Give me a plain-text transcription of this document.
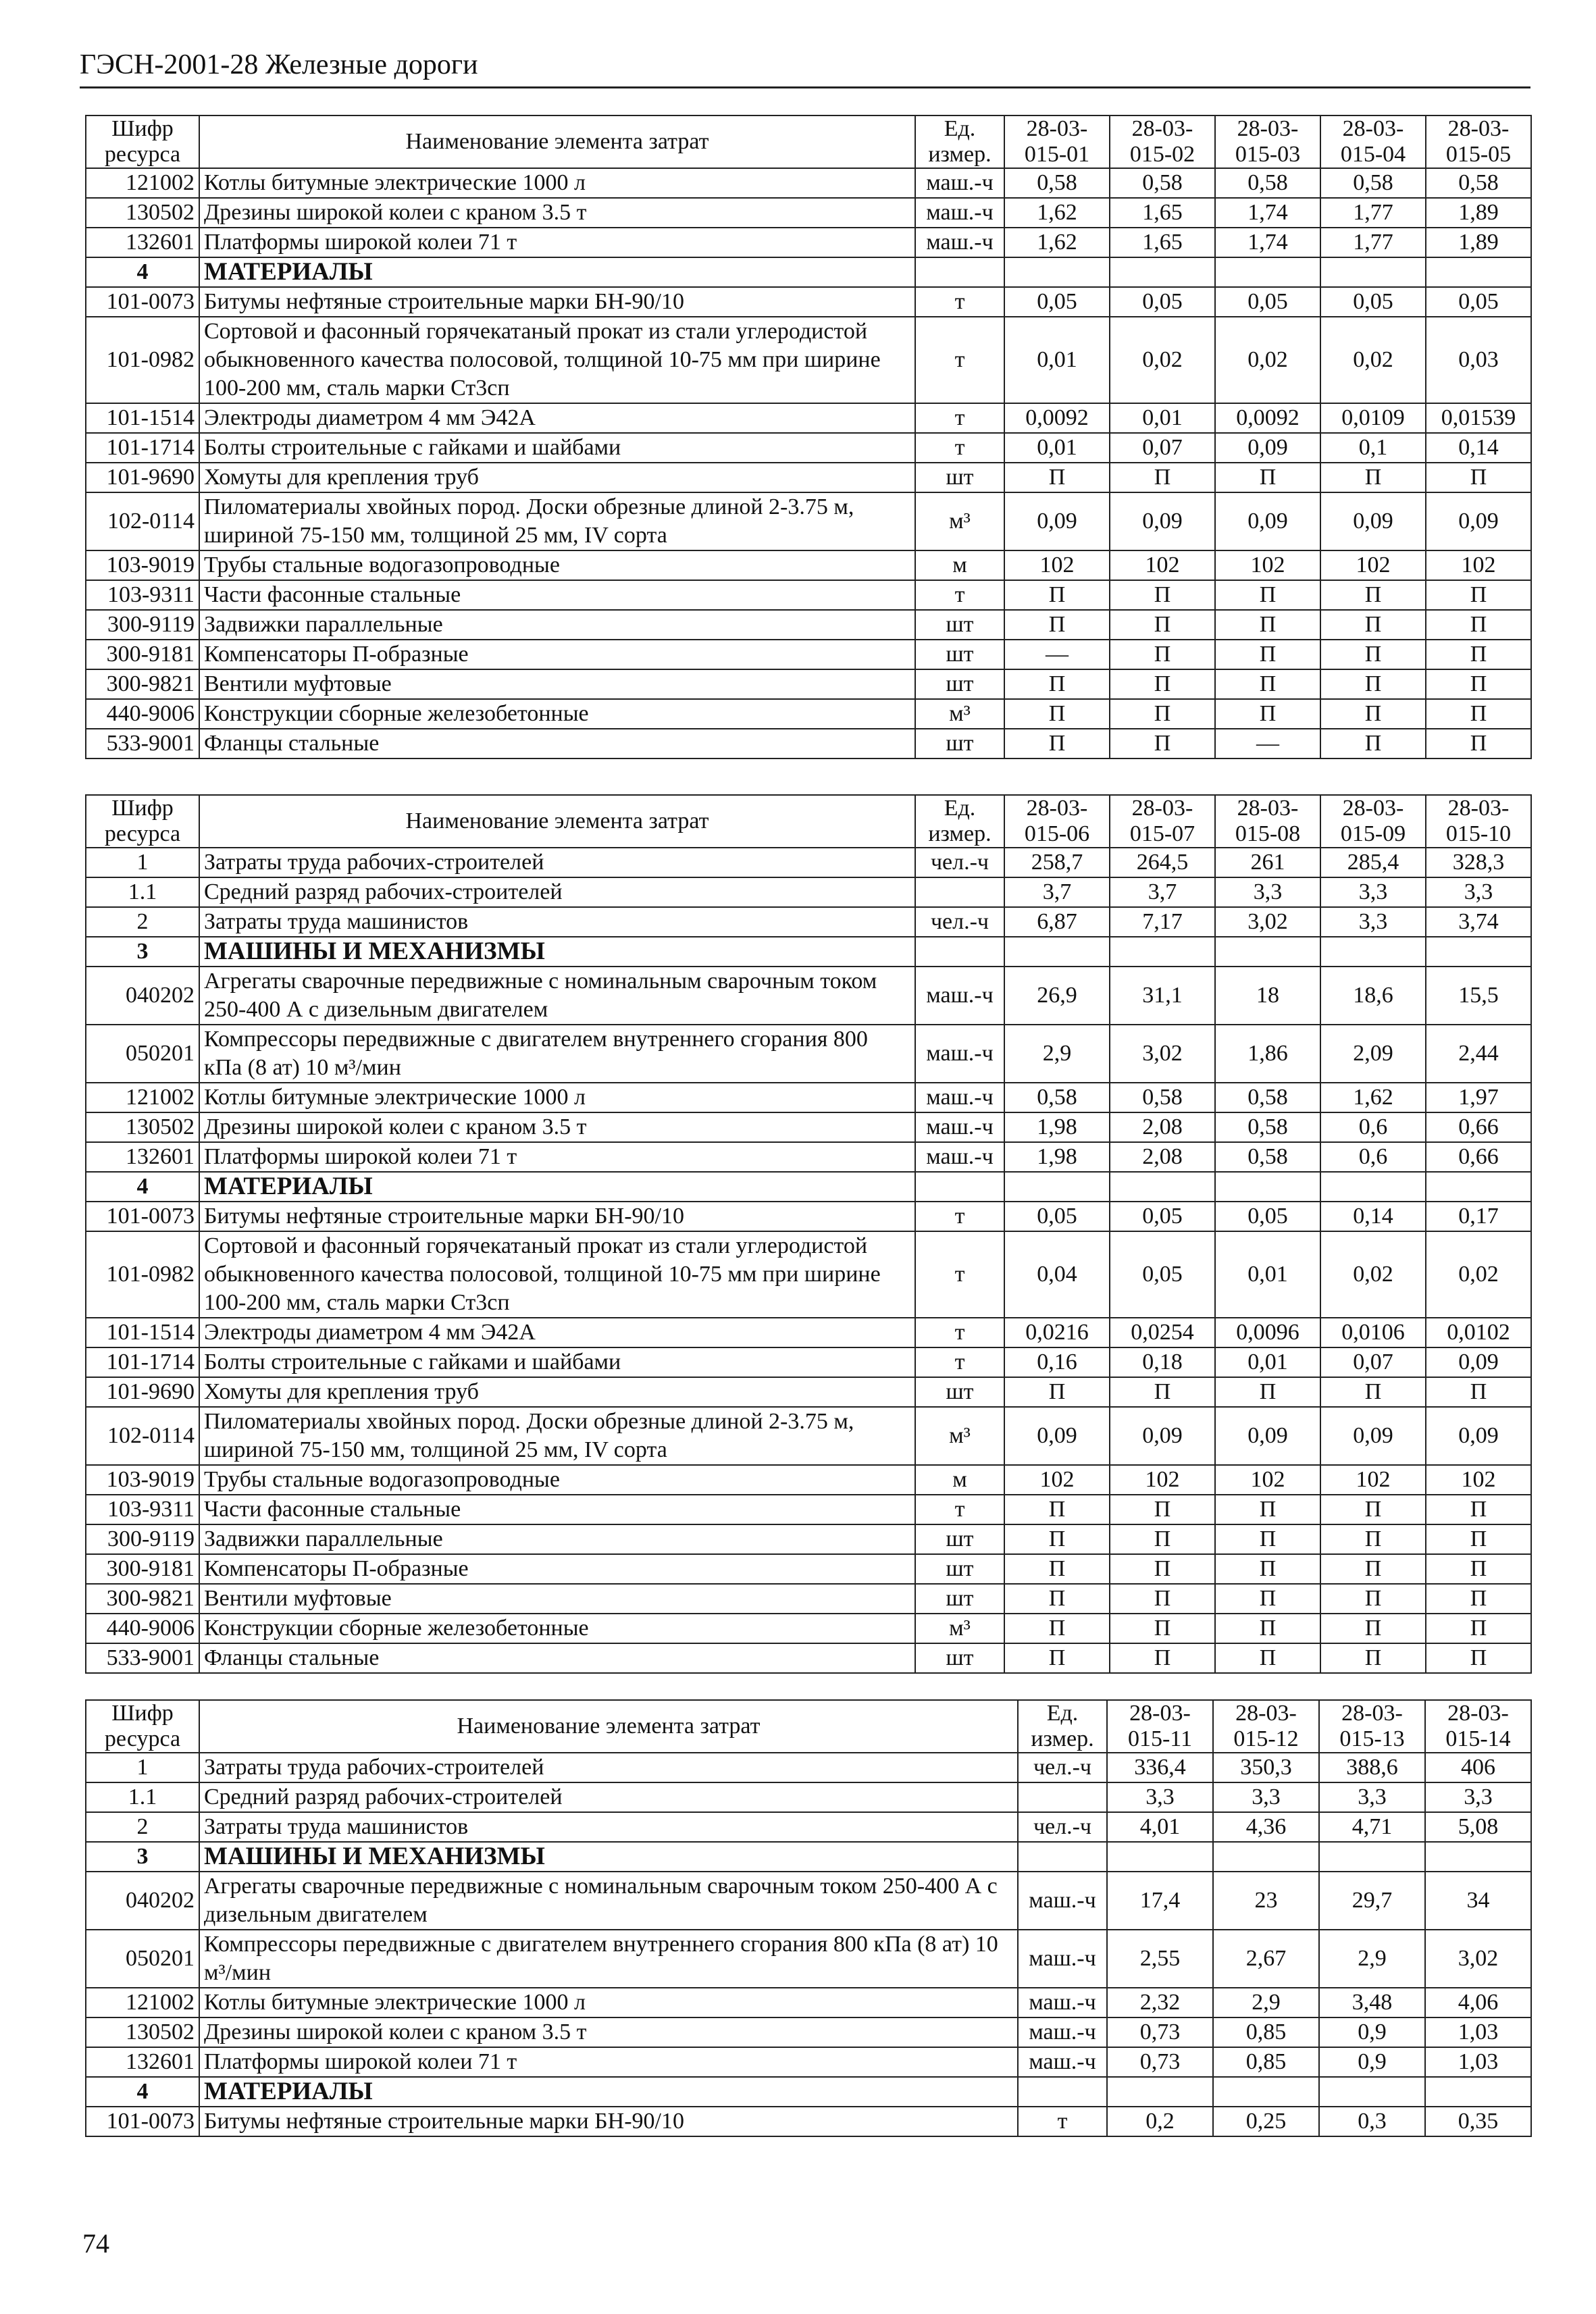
ГЭСН-2001-28 Железные дороги
Шифр ресурса	Наименование элемента затрат	Ед. измер.	28-03-015-01	28-03-015-02	28-03-015-03	28-03-015-04	28-03-015-05
121002	Котлы битумные электрические 1000 л	маш.-ч	0,58	0,58	0,58	0,58	0,58
130502	Дрезины широкой колеи с краном 3.5 т	маш.-ч	1,62	1,65	1,74	1,77	1,89
132601	Платформы широкой колеи 71 т	маш.-ч	1,62	1,65	1,74	1,77	1,89
4	МАТЕРИАЛЫ						
101-0073	Битумы нефтяные строительные марки БН-90/10	т	0,05	0,05	0,05	0,05	0,05
101-0982	Сортовой и фасонный горячекатаный прокат из стали углеродистой обыкновенного качества полосовой, толщиной 10-75 мм при ширине 100-200 мм, сталь марки Ст3сп	т	0,01	0,02	0,02	0,02	0,03
101-1514	Электроды диаметром 4 мм Э42А	т	0,0092	0,01	0,0092	0,0109	0,01539
101-1714	Болты строительные с гайками и шайбами	т	0,01	0,07	0,09	0,1	0,14
101-9690	Хомуты для крепления труб	шт	П	П	П	П	П
102-0114	Пиломатериалы хвойных пород. Доски обрезные длиной 2-3.75 м, шириной 75-150 мм, толщиной 25 мм, IV сорта	м³	0,09	0,09	0,09	0,09	0,09
103-9019	Трубы стальные водогазопроводные	м	102	102	102	102	102
103-9311	Части фасонные стальные	т	П	П	П	П	П
300-9119	Задвижки параллельные	шт	П	П	П	П	П
300-9181	Компенсаторы П-образные	шт	—	П	П	П	П
300-9821	Вентили муфтовые	шт	П	П	П	П	П
440-9006	Конструкции сборные железобетонные	м³	П	П	П	П	П
533-9001	Фланцы стальные	шт	П	П	—	П	П
Шифр ресурса	Наименование элемента затрат	Ед. измер.	28-03-015-06	28-03-015-07	28-03-015-08	28-03-015-09	28-03-015-10
1	Затраты труда рабочих-строителей	чел.-ч	258,7	264,5	261	285,4	328,3
1.1	Средний разряд рабочих-строителей		3,7	3,7	3,3	3,3	3,3
2	Затраты труда машинистов	чел.-ч	6,87	7,17	3,02	3,3	3,74
3	МАШИНЫ И МЕХАНИЗМЫ						
040202	Агрегаты сварочные передвижные с номинальным сварочным током 250-400 А с дизельным двигателем	маш.-ч	26,9	31,1	18	18,6	15,5
050201	Компрессоры передвижные с двигателем внутреннего сгорания 800 кПа (8 ат) 10 м³/мин	маш.-ч	2,9	3,02	1,86	2,09	2,44
121002	Котлы битумные электрические 1000 л	маш.-ч	0,58	0,58	0,58	1,62	1,97
130502	Дрезины широкой колеи с краном 3.5 т	маш.-ч	1,98	2,08	0,58	0,6	0,66
132601	Платформы широкой колеи 71 т	маш.-ч	1,98	2,08	0,58	0,6	0,66
4	МАТЕРИАЛЫ						
101-0073	Битумы нефтяные строительные марки БН-90/10	т	0,05	0,05	0,05	0,14	0,17
101-0982	Сортовой и фасонный горячекатаный прокат из стали углеродистой обыкновенного качества полосовой, толщиной 10-75 мм при ширине 100-200 мм, сталь марки Ст3сп	т	0,04	0,05	0,01	0,02	0,02
101-1514	Электроды диаметром 4 мм Э42А	т	0,0216	0,0254	0,0096	0,0106	0,0102
101-1714	Болты строительные с гайками и шайбами	т	0,16	0,18	0,01	0,07	0,09
101-9690	Хомуты для крепления труб	шт	П	П	П	П	П
102-0114	Пиломатериалы хвойных пород. Доски обрезные длиной 2-3.75 м, шириной 75-150 мм, толщиной 25 мм, IV сорта	м³	0,09	0,09	0,09	0,09	0,09
103-9019	Трубы стальные водогазопроводные	м	102	102	102	102	102
103-9311	Части фасонные стальные	т	П	П	П	П	П
300-9119	Задвижки параллельные	шт	П	П	П	П	П
300-9181	Компенсаторы П-образные	шт	П	П	П	П	П
300-9821	Вентили муфтовые	шт	П	П	П	П	П
440-9006	Конструкции сборные железобетонные	м³	П	П	П	П	П
533-9001	Фланцы стальные	шт	П	П	П	П	П
Шифр ресурса	Наименование элемента затрат	Ед. измер.	28-03-015-11	28-03-015-12	28-03-015-13	28-03-015-14
1	Затраты труда рабочих-строителей	чел.-ч	336,4	350,3	388,6	406
1.1	Средний разряд рабочих-строителей		3,3	3,3	3,3	3,3
2	Затраты труда машинистов	чел.-ч	4,01	4,36	4,71	5,08
3	МАШИНЫ И МЕХАНИЗМЫ					
040202	Агрегаты сварочные передвижные с номинальным сварочным током 250-400 А с дизельным двигателем	маш.-ч	17,4	23	29,7	34
050201	Компрессоры передвижные с двигателем внутреннего сгорания 800 кПа (8 ат) 10 м³/мин	маш.-ч	2,55	2,67	2,9	3,02
121002	Котлы битумные электрические 1000 л	маш.-ч	2,32	2,9	3,48	4,06
130502	Дрезины широкой колеи с краном 3.5 т	маш.-ч	0,73	0,85	0,9	1,03
132601	Платформы широкой колеи 71 т	маш.-ч	0,73	0,85	0,9	1,03
4	МАТЕРИАЛЫ					
101-0073	Битумы нефтяные строительные марки БН-90/10	т	0,2	0,25	0,3	0,35
74
